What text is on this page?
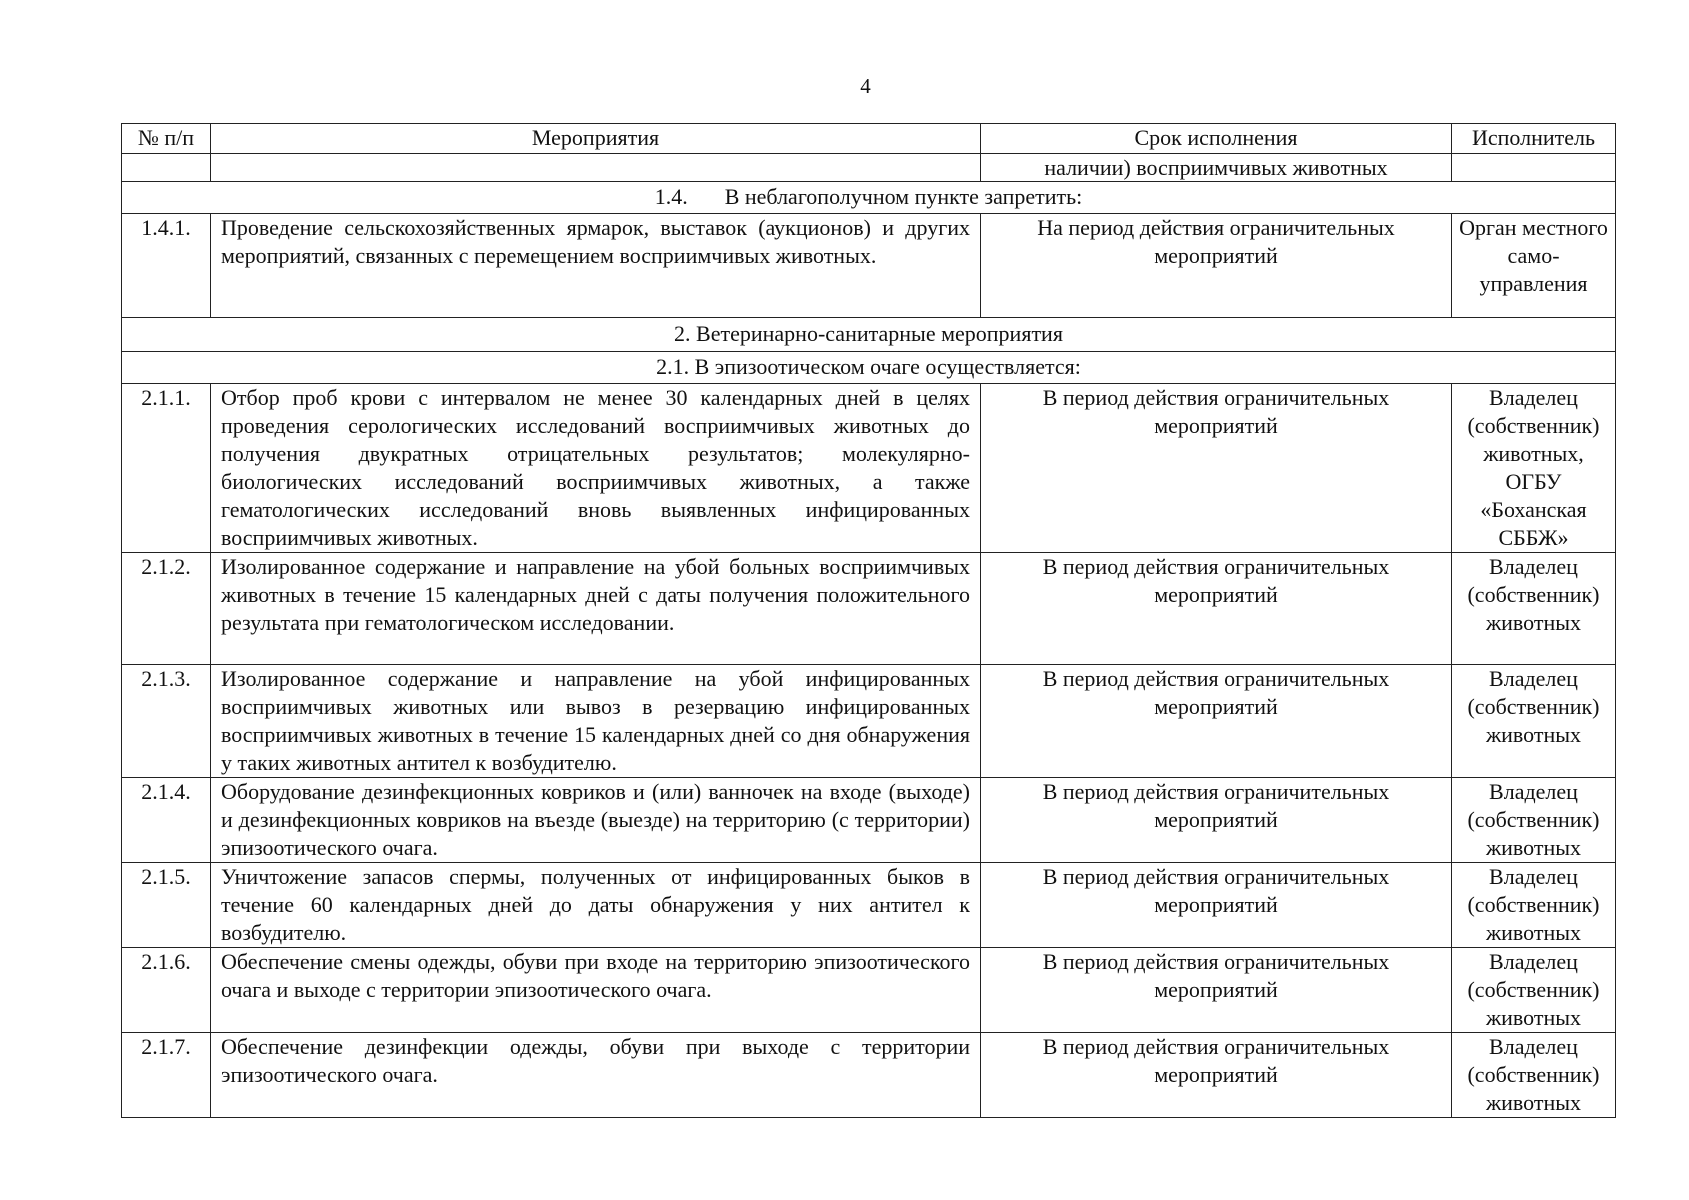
4
№ п/п	Мероприятия	Срок исполнения	Исполнитель
		наличии) восприимчивых животных	
1.4. В неблагополучном пункте запретить:			
1.4.1.	Проведение сельскохозяйственных ярмарок, выставок (аукционов) и других мероприятий, связанных с перемещением восприимчивых животных.	На период действия ограничительных мероприятий	Орган местного само-управления
2. Ветеринарно-санитарные мероприятия			
2.1. В эпизоотическом очаге осуществляется:			
2.1.1.	Отбор проб крови с интервалом не менее 30 календарных дней в целях проведения серологических исследований восприимчивых животных до получения двукратных отрицательных результатов; молекулярно-биологических исследований восприимчивых животных, а также гематологических исследований вновь выявленных инфицированных восприимчивых животных.	В период действия ограничительных мероприятий	Владелец (собственник) животных, ОГБУ «Боханская СББЖ»
2.1.2.	Изолированное содержание и направление на убой больных восприимчивых животных в течение 15 календарных дней с даты получения положительного результата при гематологическом исследовании.	В период действия ограничительных мероприятий	Владелец (собственник) животных
2.1.3.	Изолированное содержание и направление на убой инфицированных восприимчивых животных или вывоз в резервацию инфицированных восприимчивых животных в течение 15 календарных дней со дня обнаружения у таких животных антител к возбудителю.	В период действия ограничительных мероприятий	Владелец (собственник) животных
2.1.4.	Оборудование дезинфекционных ковриков и (или) ванночек на входе (выходе) и дезинфекционных ковриков на въезде (выезде) на территорию (с территории) эпизоотического очага.	В период действия ограничительных мероприятий	Владелец (собственник) животных
2.1.5.	Уничтожение запасов спермы, полученных от инфицированных быков в течение 60 календарных дней до даты обнаружения у них антител к возбудителю.	В период действия ограничительных мероприятий	Владелец (собственник) животных
2.1.6.	Обеспечение смены одежды, обуви при входе на территорию эпизоотического очага и выходе с территории эпизоотического очага.	В период действия ограничительных мероприятий	Владелец (собственник) животных
2.1.7.	Обеспечение дезинфекции одежды, обуви при выходе с территории эпизоотического очага.	В период действия ограничительных мероприятий	Владелец (собственник) животных
